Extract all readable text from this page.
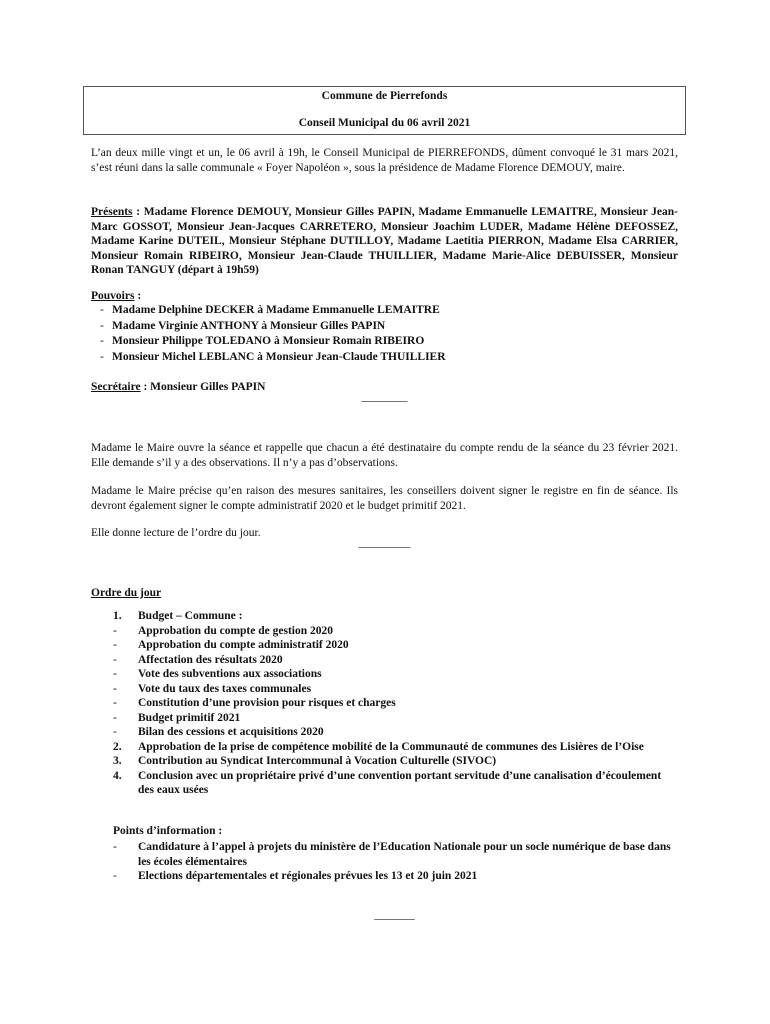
Commune de Pierrefonds
Conseil Municipal du 06 avril 2021
L’an deux mille vingt et un, le 06 avril à 19h, le Conseil Municipal de PIERREFONDS, dûment convoqué le 31 mars 2021, s’est réuni dans la salle communale « Foyer Napoléon », sous la présidence de Madame Florence DEMOUY, maire.
Présents : Madame Florence DEMOUY, Monsieur Gilles PAPIN, Madame Emmanuelle LEMAITRE, Monsieur Jean-Marc GOSSOT, Monsieur Jean-Jacques CARRETERO, Monsieur Joachim LUDER, Madame Hélène DEFOSSEZ, Madame Karine DUTEIL, Monsieur Stéphane DUTILLOY, Madame Laetitia PIERRON, Madame Elsa CARRIER, Monsieur Romain RIBEIRO, Monsieur Jean-Claude THUILLIER, Madame Marie-Alice DEBUISSER, Monsieur Ronan TANGUY (départ à 19h59)
Pouvoirs :
- Madame Delphine DECKER à Madame Emmanuelle LEMAITRE
- Madame Virginie ANTHONY à Monsieur Gilles PAPIN
- Monsieur Philippe TOLEDANO à Monsieur Romain RIBEIRO
- Monsieur Michel LEBLANC à Monsieur Jean-Claude THUILLIER
Secrétaire : Monsieur Gilles PAPIN
________
Madame le Maire ouvre la séance et rappelle que chacun a été destinataire du compte rendu de la séance du 23 février 2021. Elle demande s’il y a des observations. Il n’y a pas d’observations.
Madame le Maire précise qu’en raison des mesures sanitaires, les conseillers doivent signer le registre en fin de séance. Ils devront également signer le compte administratif 2020 et le budget primitif 2021.
Elle donne lecture de l’ordre du jour.
_________
Ordre du jour
1. Budget – Commune :
- Approbation du compte de gestion 2020
- Approbation du compte administratif 2020
- Affectation des résultats 2020
- Vote des subventions aux associations
- Vote du taux des taxes communales
- Constitution d’une provision pour risques et charges
- Budget primitif 2021
- Bilan des cessions et acquisitions 2020
2. Approbation de la prise de compétence mobilité de la Communauté de communes des Lisières de l’Oise
3. Contribution au Syndicat Intercommunal à Vocation Culturelle (SIVOC)
4. Conclusion avec un propriétaire privé d’une convention portant servitude d’une canalisation d’écoulement des eaux usées
Points d’information :
- Candidature à l’appel à projets du ministère de l’Education Nationale pour un socle numérique de base dans les écoles élémentaires
- Elections départementales et régionales prévues les 13 et 20 juin 2021
_______
